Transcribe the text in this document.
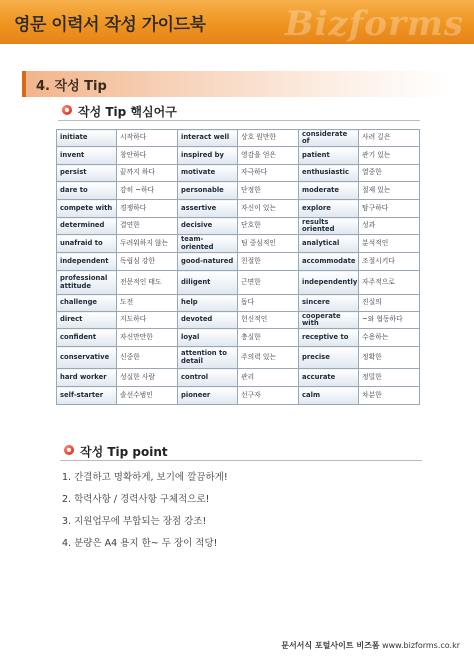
영문 이력서 작성 가이드북 Bizforms
4. 작성 Tip
작성 Tip 핵심어구
initiate	시작하다	interact well	상호 원만한	considerate of	사려 깊은
invent	창안하다	inspired by	영감을 얻은	patient	관기 있는
persist	끝까지 하다	motivate	자극하다	enthusiastic	열중한
dare to	감히 ~하다	personable	단정한	moderate	절제 있는
compete with	경쟁하다	assertive	자신이 있는	explore	탐구하다
determined	결연한	decisive	단호한	results oriented	성과
unafraid to	두려워하지 않는	team-oriented	팀 중심적인	analytical	분석적인
independent	독립심 강한	good-natured	친절한	accommodate	조절시키다
professional attitude	전문적인 태도	diligent	근면한	independently	자주적으로
challenge	도전	help	돕다	sincere	진실의
direct	지도하다	devoted	헌신적인	cooperate with	~와 협동하다
confident	자신만만한	loyal	충실한	receptive to	수용하는
conservative	신중한	attention to detail	주의력 있는	precise	정확한
hard worker	성실한 사람	control	관리	accurate	정밀한
self-starter	솔선수범인	pioneer	선구자	calm	차분한
작성 Tip point
1. 간결하고 명확하게, 보기에 깔끔하게!
2. 학력사항 / 경력사항 구체적으로!
3. 지원업무에 부합되는 장점 강조!
4. 분량은 A4 용지 한~ 두 장이 적당!
문서서식 포털사이트 비즈폼 www.bizforms.co.kr
